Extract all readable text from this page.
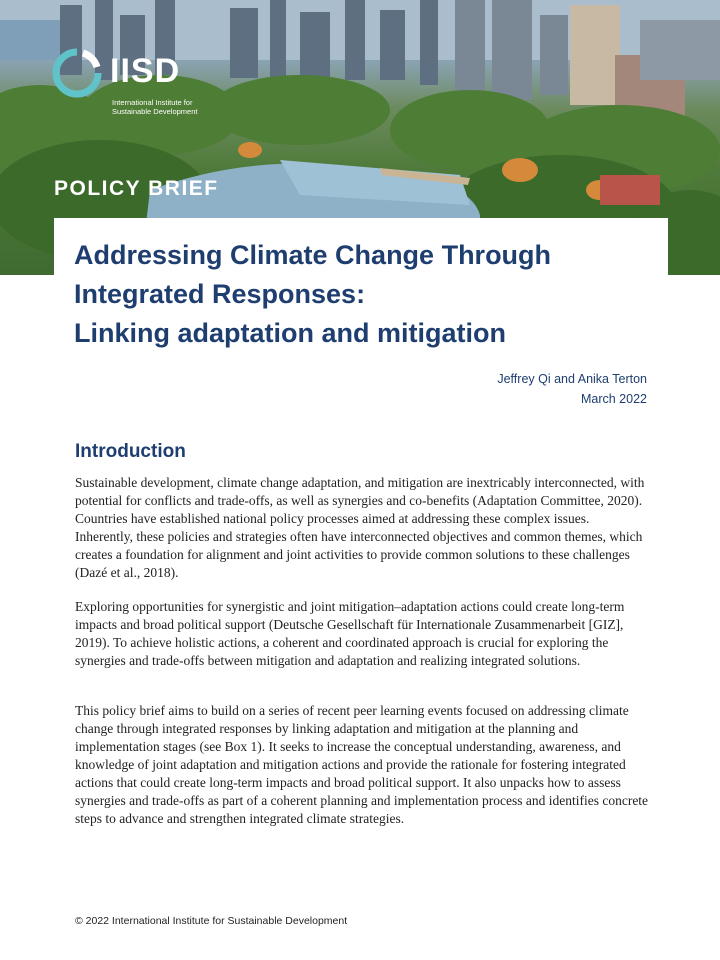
IISD
International Institute for Sustainable Development
POLICY BRIEF
Addressing Climate Change Through
Integrated Responses:
Linking adaptation and mitigation
Jeffrey Qi and Anika Terton
March 2022
Introduction

Sustainable development, climate change adaptation, and mitigation are inextricably interconnected, with potential for conflicts and trade-offs, as well as synergies and co-benefits (Adaptation Committee, 2020). Countries have established national policy processes aimed at addressing these complex issues. Inherently, these policies and strategies often have interconnected objectives and common themes, which creates a foundation for alignment and joint activities to provide common solutions to these challenges (Dazé et al., 2018).

Exploring opportunities for synergistic and joint mitigation–adaptation actions could create long-term impacts and broad political support (Deutsche Gesellschaft für Internationale Zusammenarbeit [GIZ], 2019). To achieve holistic actions, a coherent and coordinated approach is crucial for exploring the synergies and trade-offs between mitigation and adaptation and realizing integrated solutions.

This policy brief aims to build on a series of recent peer learning events focused on addressing climate change through integrated responses by linking adaptation and mitigation at the planning and implementation stages (see Box 1). It seeks to increase the conceptual understanding, awareness, and knowledge of joint adaptation and mitigation actions and provide the rationale for fostering integrated actions that could create long-term impacts and broad political support. It also unpacks how to assess synergies and trade-offs as part of a coherent planning and implementation process and identifies concrete steps to advance and strengthen integrated climate strategies.

© 2022 International Institute for Sustainable Development
